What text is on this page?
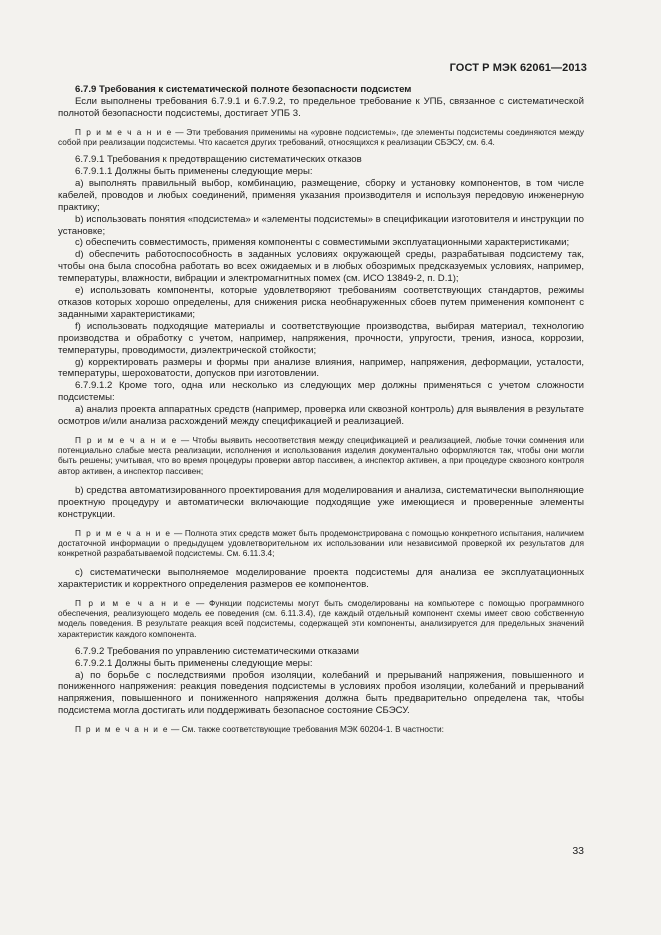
ГОСТ Р МЭК 62061—2013

6.7.9 Требования к систематической полноте безопасности подсистем

Если выполнены требования 6.7.9.1 и 6.7.9.2, то предельное требование к УПБ, связанное с систематической полнотой безопасности подсистемы, достигает УПБ 3.

П р и м е ч а н и е — Эти требования применимы на «уровне подсистемы», где элементы подсистемы соединяются между собой при реализации подсистемы. Что касается других требований, относящихся к реализации СБЭСУ, см. 6.4.

6.7.9.1 Требования к предотвращению систематических отказов

6.7.9.1.1 Должны быть применены следующие меры:

a) выполнять правильный выбор, комбинацию, размещение, сборку и установку компонентов, в том числе кабелей, проводов и любых соединений, применяя указания производителя и используя передовую инженерную практику;

b) использовать понятия «подсистема» и «элементы подсистемы» в спецификации изготовителя и инструкции по установке;

c) обеспечить совместимость, применяя компоненты с совместимыми эксплуатационными характеристиками;

d) обеспечить работоспособность в заданных условиях окружающей среды, разрабатывая подсистему так, чтобы она была способна работать во всех ожидаемых и в любых обозримых предсказуемых условиях, например, температуры, влажности, вибрации и электромагнитных помех (см. ИСО 13849-2, п. D.1);

e) использовать компоненты, которые удовлетворяют требованиям соответствующих стандартов, режимы отказов которых хорошо определены, для снижения риска необнаруженных сбоев путем применения компонент с заданными характеристиками;

f) использовать подходящие материалы и соответствующие производства, выбирая материал, технологию производства и обработку с учетом, например, напряжения, прочности, упругости, трения, износа, коррозии, температуры, проводимости, диэлектрической стойкости;

g) корректировать размеры и формы при анализе влияния, например, напряжения, деформации, усталости, температуры, шероховатости, допусков при изготовлении.

6.7.9.1.2 Кроме того, одна или несколько из следующих мер должны применяться с учетом сложности подсистемы:

a) анализ проекта аппаратных средств (например, проверка или сквозной контроль) для выявления в результате осмотров и/или анализа расхождений между спецификацией и реализацией.

П р и м е ч а н и е — Чтобы выявить несоответствия между спецификацией и реализацией, любые точки сомнения или потенциально слабые места реализации, исполнения и использования изделия документально оформляются так, чтобы они могли быть решены; учитывая, что во время процедуры проверки автор пассивен, а инспектор активен, а при процедуре сквозного контроля автор активен, а инспектор пассивен;

b) средства автоматизированного проектирования для моделирования и анализа, систематически выполняющие проектную процедуру и автоматически включающие подходящие уже имеющиеся и проверенные элементы конструкции.

П р и м е ч а н и е — Полнота этих средств может быть продемонстрирована с помощью конкретного испытания, наличием достаточной информации о предыдущем удовлетворительном их использовании или независимой проверкой их результатов для конкретной разрабатываемой подсистемы. См. 6.11.3.4;

c) систематически выполняемое моделирование проекта подсистемы для анализа ее эксплуатационных характеристик и корректного определения размеров ее компонентов.

П р и м е ч а н и е — Функции подсистемы могут быть смоделированы на компьютере с помощью программного обеспечения, реализующего модель ее поведения (см. 6.11.3.4), где каждый отдельный компонент схемы имеет свою собственную модель поведения. В результате реакция всей подсистемы, содержащей эти компоненты, анализируется для предельных значений характеристик каждого компонента.

6.7.9.2 Требования по управлению систематическими отказами

6.7.9.2.1 Должны быть применены следующие меры:

a) по борьбе с последствиями пробоя изоляции, колебаний и прерываний напряжения, повышенного и пониженного напряжения: реакция поведения подсистемы в условиях пробоя изоляции, колебаний и прерываний напряжения, повышенного и пониженного напряжения должна быть предварительно определена так, чтобы подсистема могла достигать или поддерживать безопасное состояние СБЭСУ.

П р и м е ч а н и е — См. также соответствующие требования МЭК 60204-1. В частности:

33
